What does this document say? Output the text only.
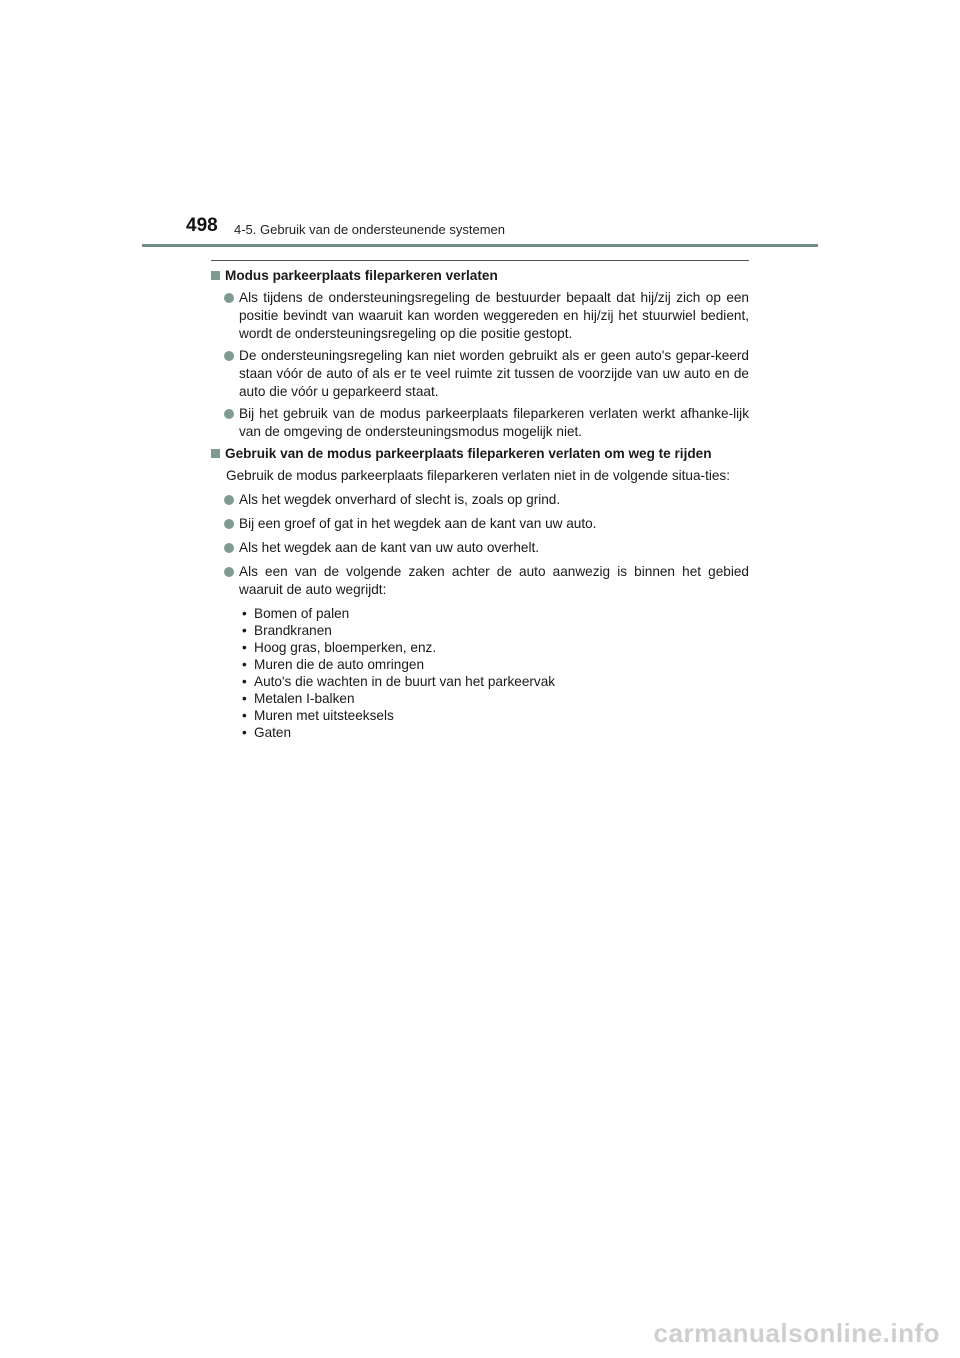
498 4-5. Gebruik van de ondersteunende systemen
Modus parkeerplaats fileparkeren verlaten
Als tijdens de ondersteuningsregeling de bestuurder bepaalt dat hij/zij zich op een positie bevindt van waaruit kan worden weggereden en hij/zij het stuurwiel bedient, wordt de ondersteuningsregeling op die positie gestopt.
De ondersteuningsregeling kan niet worden gebruikt als er geen auto's gepar-keerd staan vóór de auto of als er te veel ruimte zit tussen de voorzijde van uw auto en de auto die vóór u geparkeerd staat.
Bij het gebruik van de modus parkeerplaats fileparkeren verlaten werkt afhanke-lijk van de omgeving de ondersteuningsmodus mogelijk niet.
Gebruik van de modus parkeerplaats fileparkeren verlaten om weg te rijden
Gebruik de modus parkeerplaats fileparkeren verlaten niet in de volgende situa-ties:
Als het wegdek onverhard of slecht is, zoals op grind.
Bij een groef of gat in het wegdek aan de kant van uw auto.
Als het wegdek aan de kant van uw auto overhelt.
Als een van de volgende zaken achter de auto aanwezig is binnen het gebied waaruit de auto wegrijdt:
• Bomen of palen
• Brandkranen
• Hoog gras, bloemperken, enz.
• Muren die de auto omringen
• Auto's die wachten in de buurt van het parkeervak
• Metalen I-balken
• Muren met uitsteeksels
• Gaten
carmanualsonline.info
